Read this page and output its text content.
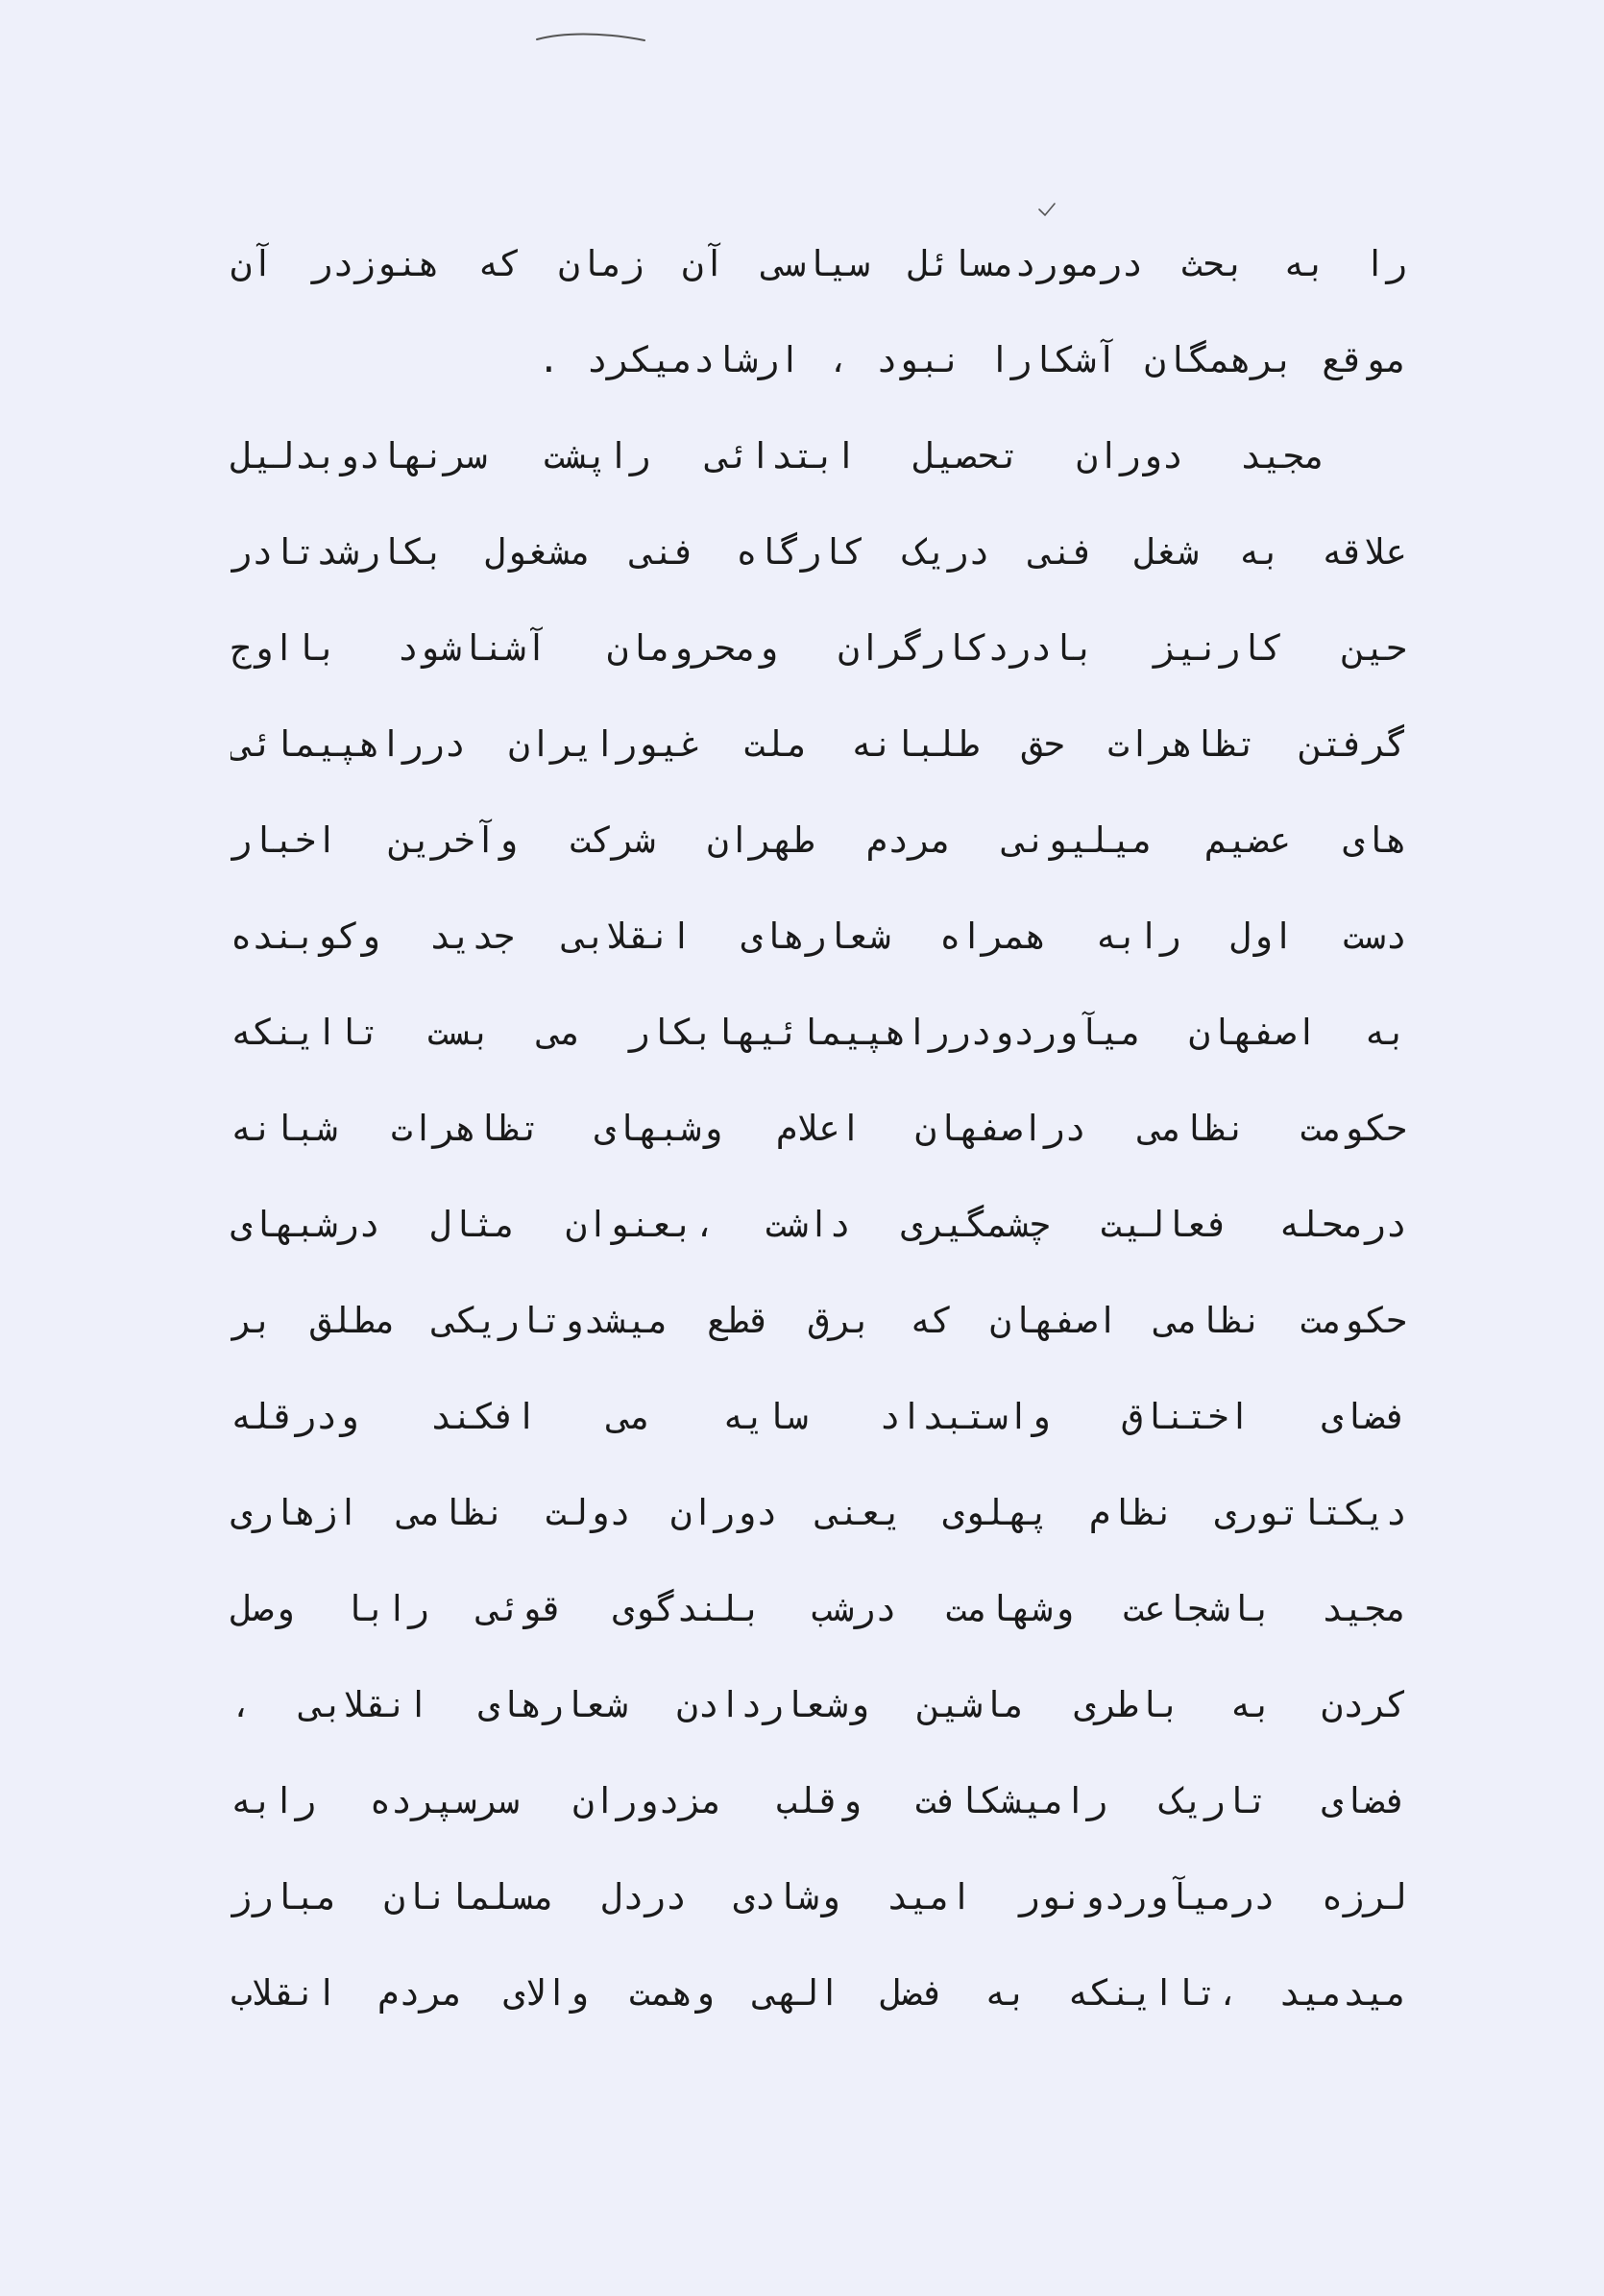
را به بحث درموردمسائل سیاسی آن زمان که هنوزدر آن
موقع برهمگان آشکارا نبود ، ارشادمیکرد .
مجید دوران تحصیل ابتدائی راپشت سرنهادوبدلیل
علاقه به شغل فنی دریک کارگاه فنی مشغول بکارشدتادر
حین کارنیز بادردکارگران ومحرومان آشناشود بااوج
گرفتن تظاهرات حق طلبانه ملت غیورایران درراهپیمائی
های عضیم میلیونی مردم طهران شرکت وآخرین اخبار
دست اول رابه همراه شعارهای انقلابی جدید وکوبنده
به اصفهان میآوردودرراهپیمائیهابکار می بست تااینکه
حکومت نظامی دراصفهان اعلام وشبهای تظاهرات شبانه
درمحله فعالیت چشمگیری داشت ،بعنوان مثال درشبهای
حکومت نظامی اصفهان که برق قطع میشدوتاریکی مطلق بر
فضای اختناق واستبداد سایه می افکند ودرقله
دیکتاتوری نظام پهلوی یعنی دوران دولت نظامی ازهاری
مجید باشجاعت وشهامت درشب بلندگوی قوئی رابا وصل
کردن به باطری ماشین وشعاردادن شعارهای انقلابی ،
فضای تاریک رامیشکافت وقلب مزدوران سرسپرده رابه
لرزه درمیآوردونور امید وشادی دردل مسلمانان مبارز
میدمید ،تااینکه به فضل الهی وهمت والای مردم انقلاب
